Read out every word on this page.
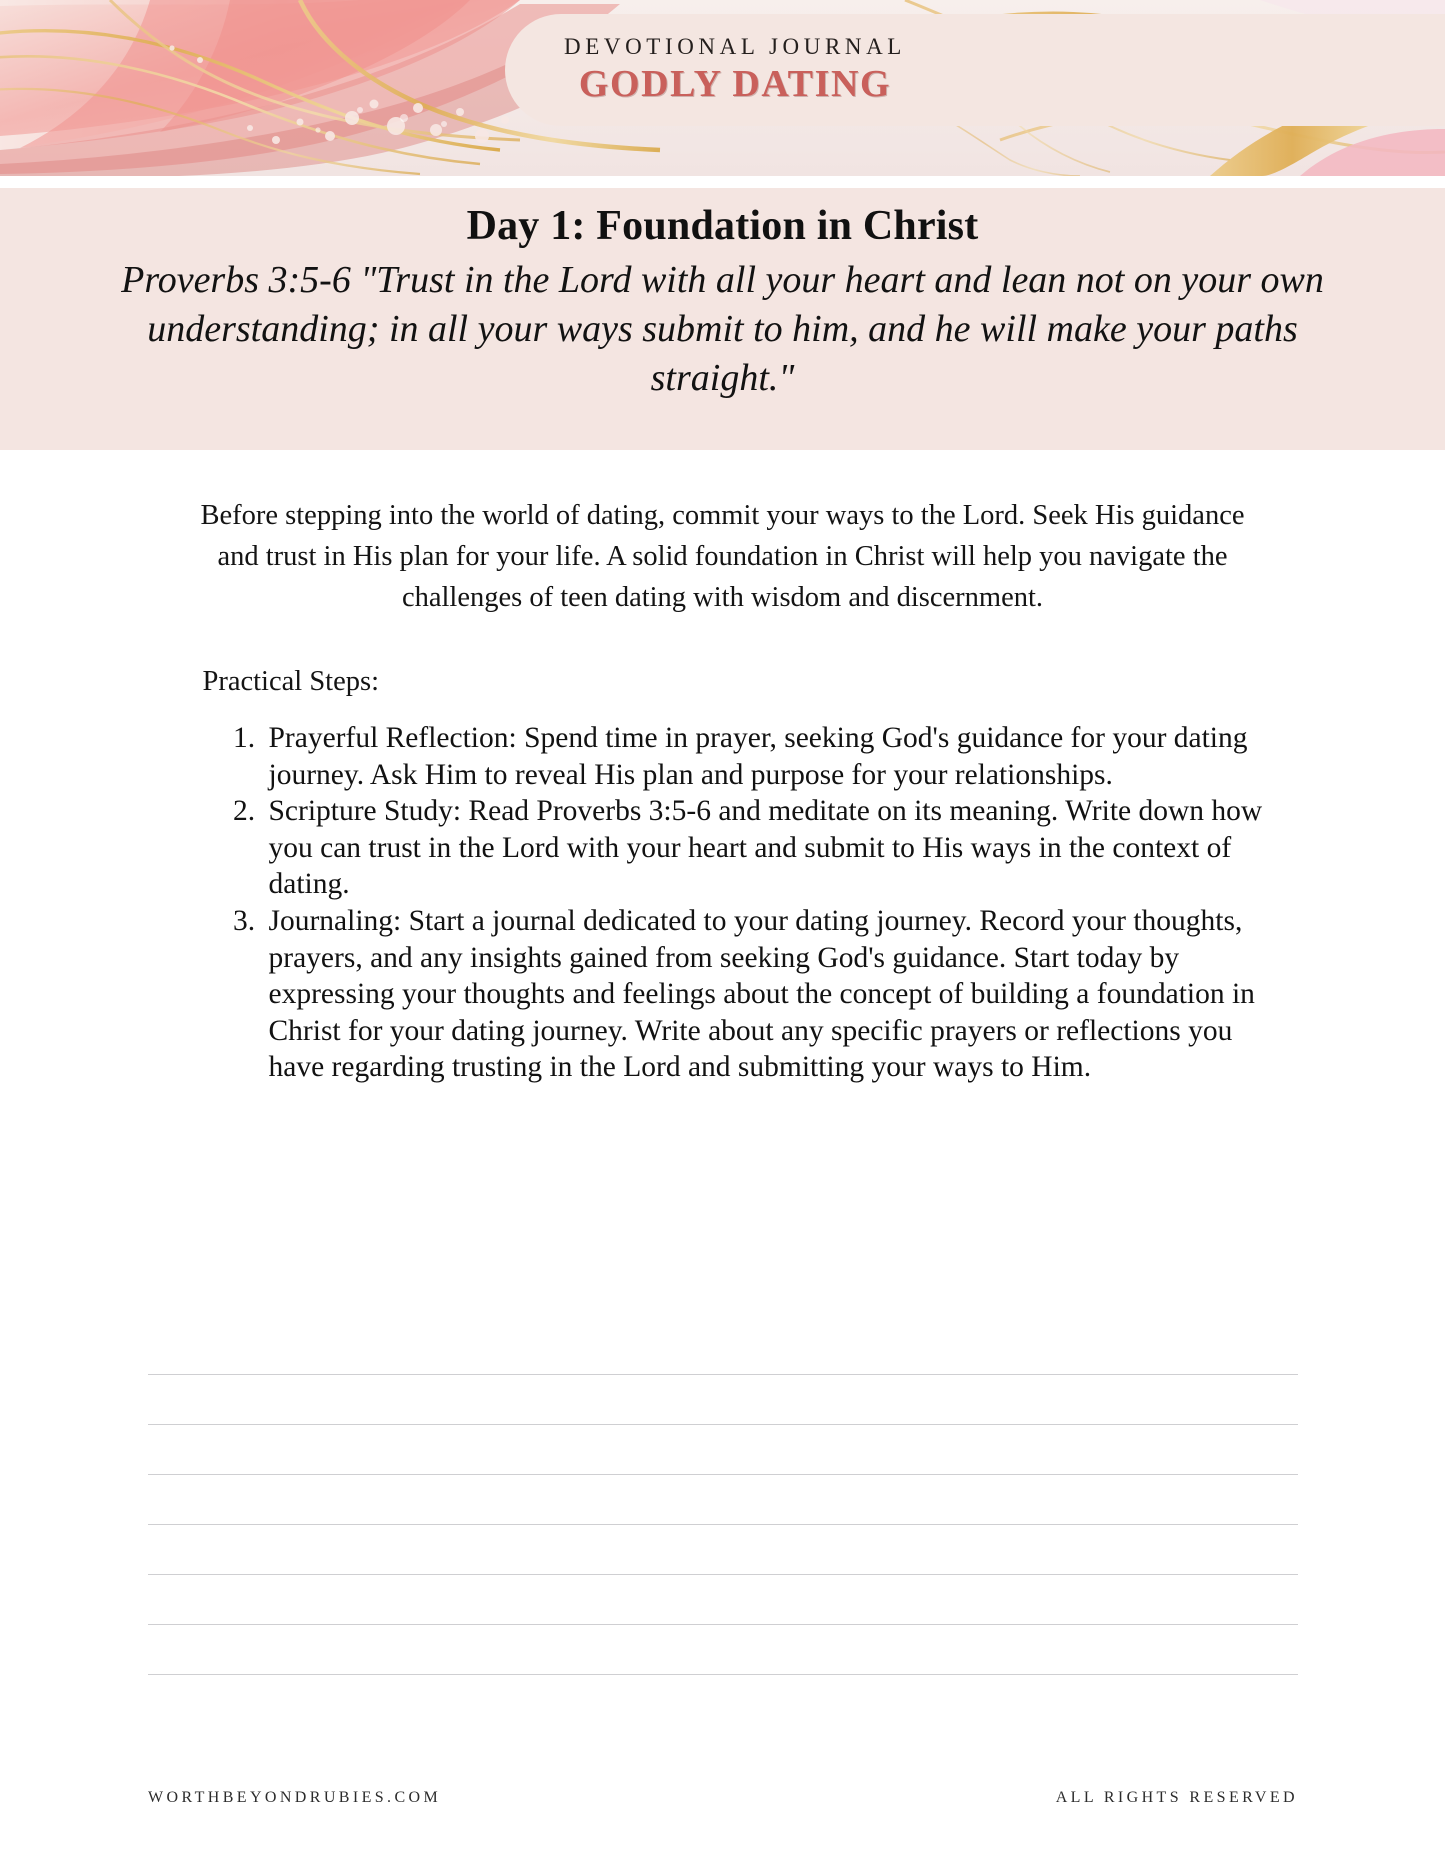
DEVOTIONAL JOURNAL
GODLY DATING
Day 1: Foundation in Christ

Proverbs 3:5-6 "Trust in the Lord with all your heart and lean not on your own understanding; in all your ways submit to him, and he will make your paths straight."

Before stepping into the world of dating, commit your ways to the Lord. Seek His guidance and trust in His plan for your life. A solid foundation in Christ will help you navigate the challenges of teen dating with wisdom and discernment.

Practical Steps:
1. Prayerful Reflection: Spend time in prayer, seeking God's guidance for your dating journey. Ask Him to reveal His plan and purpose for your relationships.
2. Scripture Study: Read Proverbs 3:5-6 and meditate on its meaning. Write down how you can trust in the Lord with your heart and submit to His ways in the context of dating.
3. Journaling: Start a journal dedicated to your dating journey. Record your thoughts, prayers, and any insights gained from seeking God's guidance. Start today by expressing your thoughts and feelings about the concept of building a foundation in Christ for your dating journey. Write about any specific prayers or reflections you have regarding trusting in the Lord and submitting your ways to Him.
WORTHBEYONDRUBIES.COM	ALL RIGHTS RESERVED
